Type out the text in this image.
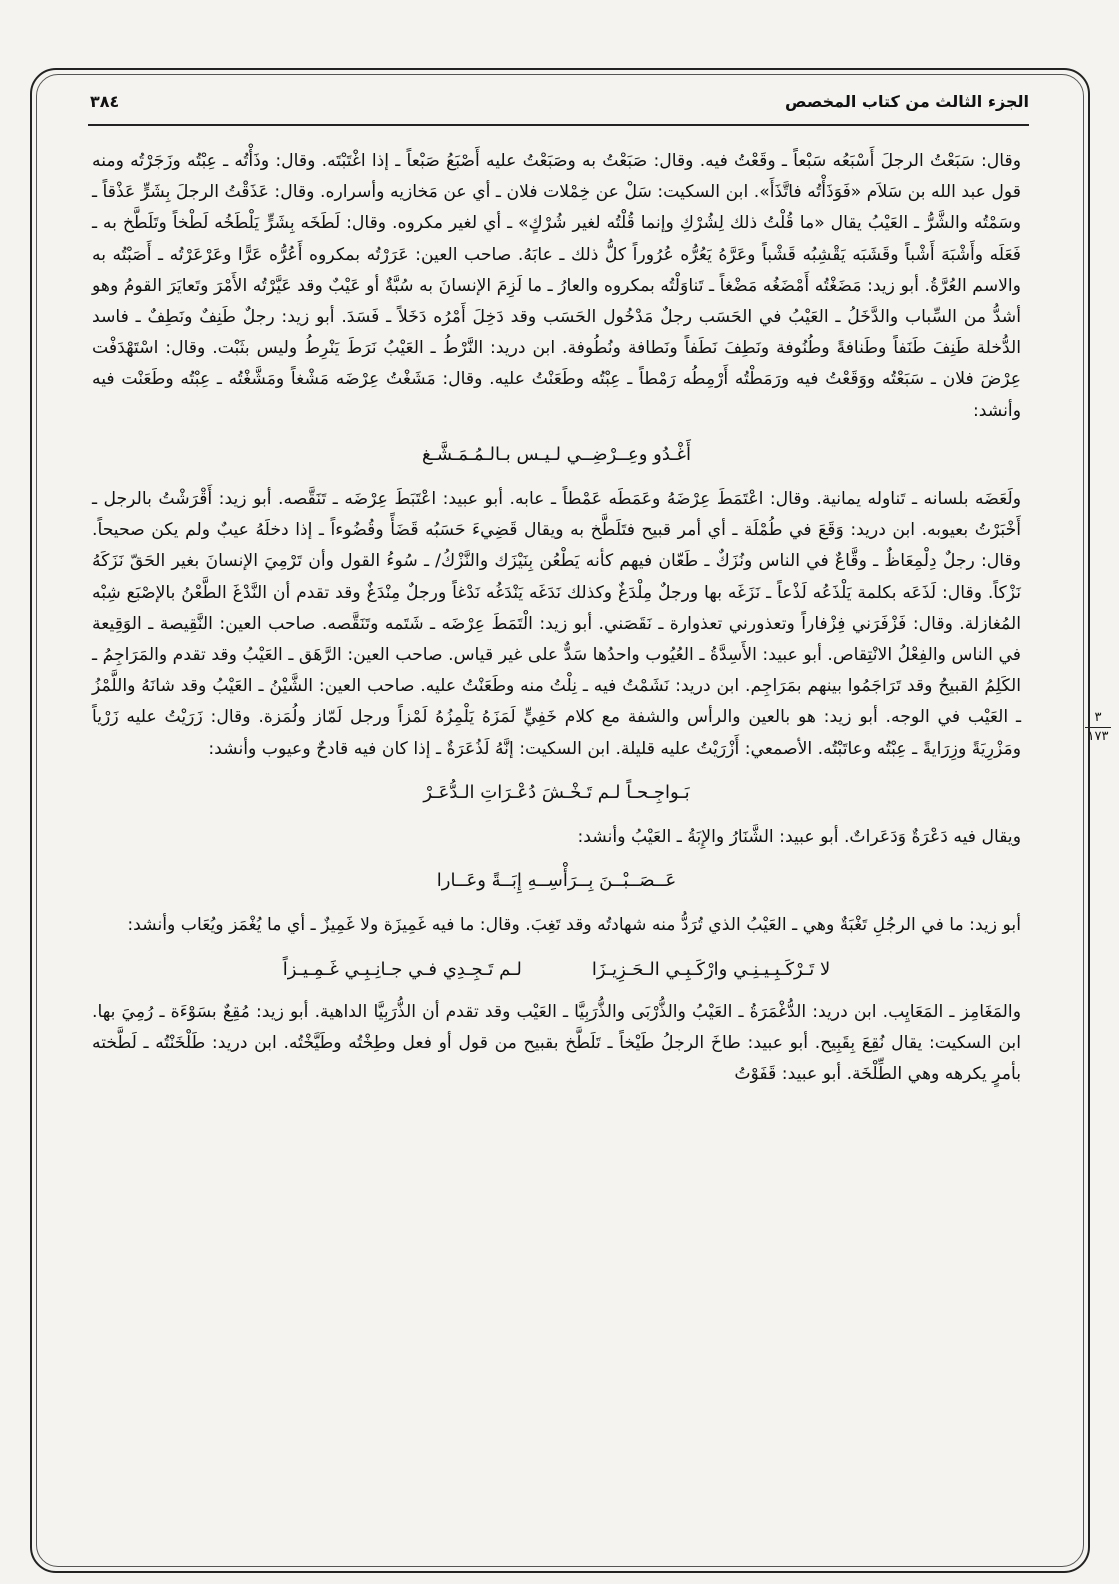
الجزء الثالث من كتاب المخصص
٣٨٤
٣
١٧٣

وقال: سَبَعْتُ الرجلَ أَسْبَعُه سَبْعاً ـ وقَعْتُ فيه. وقال: صَبَعْتُ به وصَبَعْتُ عليه أَصْبَعُ صَبْعاً ـ إذا اغْتَبْتَه. وقال: وذَأْتُه ـ عِبْتُه وزَجَرْتُه ومنه قول عبد الله بن سَلاَم «فَوَذَأْتُه فاتَّذَأَ». ابن السكيت: سَلْ عن خِمْلات فلان ـ أي عن مَخازيه وأسراره. وقال: عَذَقْتُ الرجلَ بِشَرٍّ عَذْقاً ـ وسَمْتُه والشَّرُّ ـ العَيْبُ يقال «ما قُلْتُ ذلك لِشُرْكِ وإنما قُلْتُه لغير شُرْكٍ» ـ أي لغير مكروه. وقال: لَطَخَه بِشَرٍّ يَلْطَخُه لَطْخاً وتَلَطَّخ به ـ فَعَلَه وأَشْبَهَ أَشْباً وقَشَبَه يَقْشِبُه قَشْباً وعَرَّهُ يَعُرُّه عُرُوراً كلُّ ذلك ـ عابَهُ. صاحب العين: عَرَرْتُه بمكروه أَعُرُّه عَرًّا وعَرْعَرْتُه ـ أَصَبْتُه به والاسم العُرَّةُ. أبو زيد: مَضَغْتُه أَمْضَغُه مَضْغاً ـ تَناوَلْتُه بمكروه والعارُ ـ ما لَزِمَ الإنسانَ به سُبَّةٌ أو عَيْبٌ وقد عَيَّرْتُه الأَمْرَ وتَعايَرَ القومُ وهو أشدُّ من السِّباب والدَّخَلُ ـ العَيْبُ في الحَسَب رجلٌ مَدْخُول الحَسَب وقد دَخِلَ أَمْرُه دَخَلاً ـ فَسَدَ. أبو زيد: رجلٌ طَنِفٌ ونَطِفٌ ـ فاسد الدُّخلة طَنِفَ طَنَفاً وطَنافةً وطُنُوفة ونَطِفَ نَطَفاً ونَطافة ونُطُوفة. ابن دريد: النَّرْطُ ـ العَيْبُ نَرَطَ يَنْرِطُ وليس بثَبْت. وقال: اسْتَهْدَفْت عِرْضَ فلان ـ سَبَعْتُه ووَقَعْتُ فيه ورَمَطْتُه أَرْمِطُه رَمْطاً ـ عِبْتُه وطَعَنْتُ عليه. وقال: مَشَغْتُ عِرْضَه مَشْغاً ومَشَّغْتُه ـ عِبْتُه وطَعَنْت فيه وأنشد:

أَغْـدُو وعِــرْضِــي لـيـس بـالـمُـمَـشَّـغ

ولَعَضَه بلسانه ـ تَناوله يمانية. وقال: اعْتَمَطَ عِرْضَهُ وعَمَطَه عَمْطاً ـ عابه. أبو عبيد: اعْتَبَطَ عِرْضَه ـ تَنَقَّصه. أبو زيد: أَقْرَشْتُ بالرجل ـ أَخْبَرْتُ بعيوبه. ابن دريد: وَقَعَ في طُمْلَة ـ أي أمر قبيح فتَلَطَّخ به ويقال قَضِيءَ حَسَبُه قَضَأً وقُضُوءاً ـ إذا دخلَهُ عيبٌ ولم يكن صحيحاً. وقال: رجلٌ دِلْمِعَاظٌ ـ وقَّاعٌ في الناس ونُزَكٌ ـ طَعّان فيهم كأنه يَطْعُن بِنَيْزَك والنَّزْكُ/ ـ سُوءُ القول وأن تَرْمِيَ الإنسانَ بغير الحَقّ نَزَكَهُ نَزْكاً. وقال: لَذَعَه بكلمة يَلْذَعُه لَذْعاً ـ نَزَغَه بها ورجلٌ مِلْدَغٌ وكذلك نَدَغَه يَنْدَغُه نَدْغاً ورجلٌ مِنْدَغٌ وقد تقدم أن النَّدْغَ الطَّعْنُ بالإصْبَع شِبْه المُغازلة. وقال: فَزْفَرَني فِزْفاراً وتعذورني تعذوارة ـ نَقَصَني. أبو زيد: الْتَمَطَ عِرْضَه ـ شَتَمه وتَنَقَّصه. صاحب العين: النَّقِيصة ـ الوَقِيعة في الناس والفِعْلُ الانْتِقاص. أبو عبيد: الأَسِدَّةُ ـ العُيُوب واحدُها سَدٌّ على غير قياس. صاحب العين: الرَّهَق ـ العَيْبُ وقد تقدم والمَرَاجِمُ ـ الكَلِمُ القبيحُ وقد تَرَاجَمُوا بينهم بمَرَاجِم. ابن دريد: نَشَمْتُ فيه ـ نِلْتُ منه وطَعَنْتُ عليه. صاحب العين: الشَّيْنُ ـ العَيْبُ وقد شانَهُ واللَّمْزُ ـ العَيْب في الوجه. أبو زيد: هو بالعين والرأس والشفة مع كلام خَفِيٍّ لَمَزَهُ يَلْمِزُهُ لَمْزاً ورجل لَمّاز ولُمَزة. وقال: زَرَيْتُ عليه زَرْياً ومَزْرِيَةً وزِرَايةً ـ عِبْتُه وعاتَبْتُه. الأصمعي: أَزْرَيْتُ عليه قليلة. ابن السكيت: إنَّهُ لَذُعَرَةٌ ـ إذا كان فيه قادحٌ وعيوب وأنشد:

بَـواجِـحـاً لـم تَـخْـشَ دُعْـرَاتِ الـدُّعَـرْ

ويقال فيه دَعْرَةٌ وَدَعَراتٌ. أبو عبيد: الشَّنَارُ والإِبَةُ ـ العَيْبُ وأنشد:

عَــصَــبْــنَ بِــرَأْسِــهِ إِبَــةً وعَــارا

أبو زيد: ما في الرجُلِ تَغْبَةٌ وهي ـ العَيْبُ الذي تُرَدُّ منه شهادتُه وقد تَغِبَ. وقال: ما فيه غَمِيزَة ولا غَمِيزٌ ـ أي ما يُغْمَز ويُعَاب وأنشد:

لا تَـرْكَـبِـيـنِـي وارْكَـبِـي الـحَـزِيـزَا
لـم تَـجِـدِي فـي جـانِـبِـي غَـمِـيـزاً

والمَغَامِز ـ المَعَايِب. ابن دريد: الدُّغْمَرَةُ ـ العَيْبُ والذُّرْبَى والذُّرَبِيَّا ـ العَيْب وقد تقدم أن الذُّرَبِيَّا الداهية. أبو زيد: مُقِعٌ بسَوْءَة ـ رُمِيَ بها. ابن السكيت: يقال نُقِعَ بِقَبِيح. أبو عبيد: طاخَ الرجلُ طَيْخاً ـ تَلَطَّخ بقبيح من قول أو فعل وطِخْتُه وطَيَّخْتُه. ابن دريد: طَلْخَنْتُه ـ لَطَّخته بأمرٍ يكرهه وهي الطِّلْخَة. أبو عبيد: قَفَوْتُ
